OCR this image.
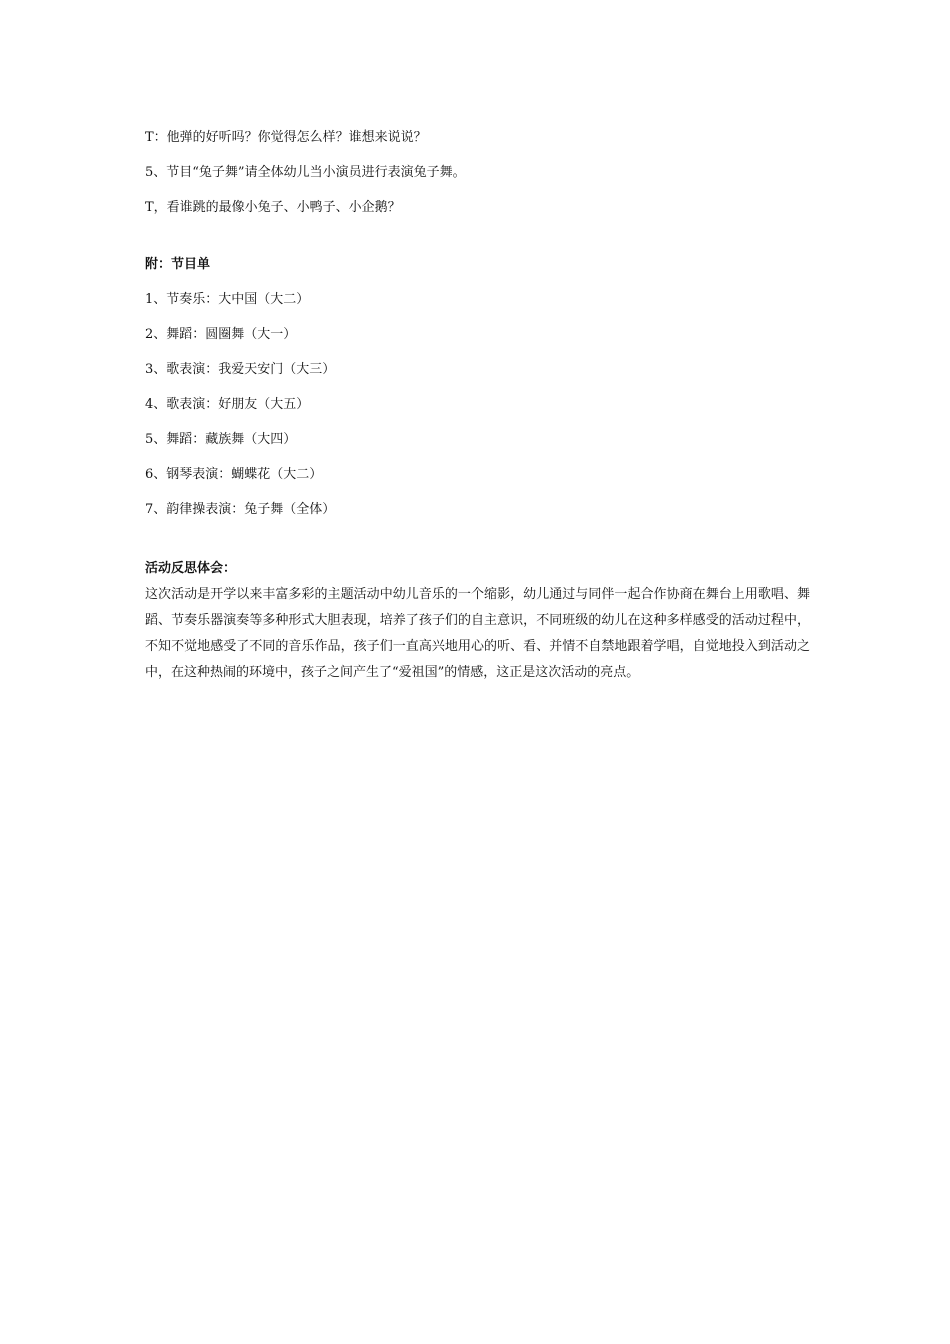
T：他弹的好听吗？你觉得怎么样？谁想来说说？
5、节目“兔子舞”请全体幼儿当小演员进行表演兔子舞。
T，看谁跳的最像小兔子、小鸭子、小企鹅？
附：节目单
1、节奏乐：大中国（大二）
2、舞蹈：圆圈舞（大一）
3、歌表演：我爱天安门（大三）
4、歌表演：好朋友（大五）
5、舞蹈：藏族舞（大四）
6、钢琴表演：蝴蝶花（大二）
7、韵律操表演：兔子舞（全体）
活动反思体会：

这次活动是开学以来丰富多彩的主题活动中幼儿音乐的一个缩影，幼儿通过与同伴一起合作协商在舞台上用歌唱、舞蹈、节奏乐器演奏等多种形式大胆表现，培养了孩子们的自主意识，不同班级的幼儿在这种多样感受的活动过程中，不知不觉地感受了不同的音乐作品，孩子们一直高兴地用心的听、看、并情不自禁地跟着学唱，自觉地投入到活动之中，在这种热闹的环境中，孩子之间产生了“爱祖国”的情感，这正是这次活动的亮点。
